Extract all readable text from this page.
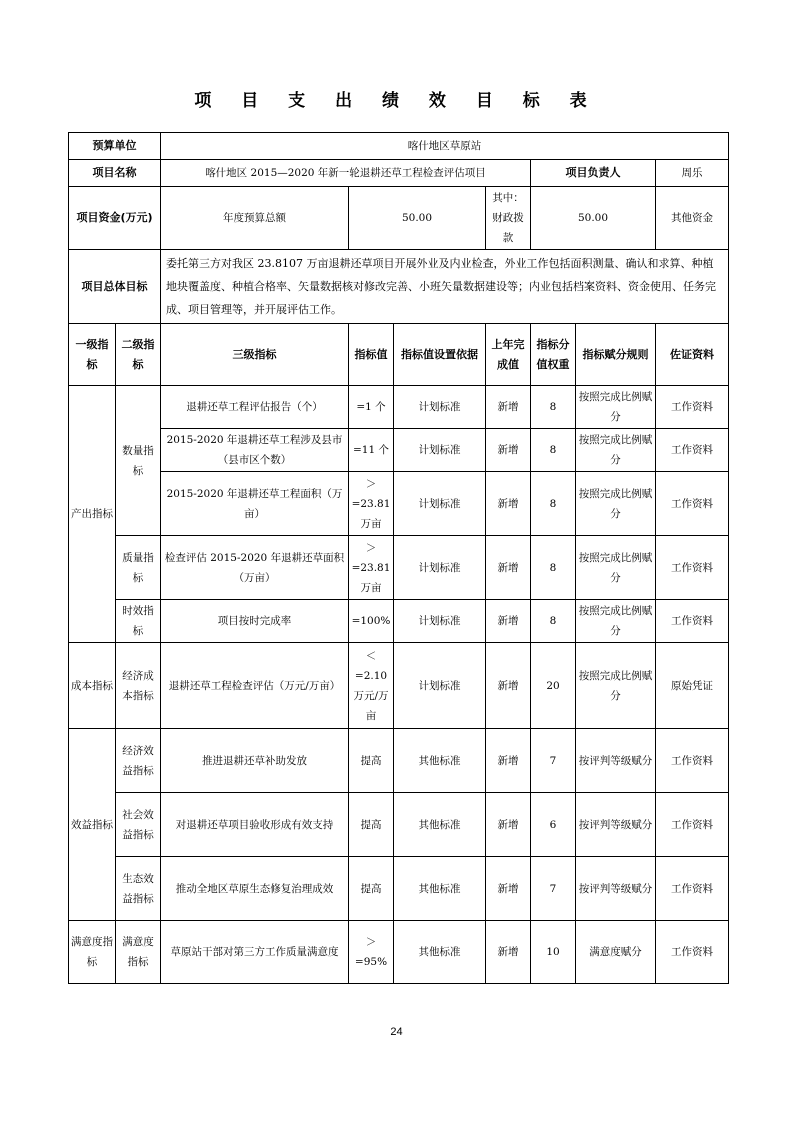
项 目 支 出 绩 效 目 标 表
预算单位		喀什地区草原站							
项目名称		喀什地区 2015—2020 年新一轮退耕还草工程检查评估项目				项目负责人		周乐	
项目资金(万元)		年度预算总额	50.00		其中：财政拨款	50.00		其他资金	
项目总体目标		委托第三方对我区 23.8107 万亩退耕还草项目开展外业及内业检查，外业工作包括面积测量、确认和求算、种植地块覆盖度、种植合格率、矢量数据核对修改完善、小班矢量数据建设等；内业包括档案资料、资金使用、任务完成、项目管理等，并开展评估工作。							
一级指标	二级指标	三级指标	指标值	指标值设置依据	上年完成值	指标分值权重	指标赋分规则	佐证资料	
产出指标	数量指标	退耕还草工程评估报告（个）	=1 个	计划标准	新增	8	按照完成比例赋分	工作资料	
		2015-2020 年退耕还草工程涉及县市（县市区个数）	=11 个	计划标准	新增	8	按照完成比例赋分	工作资料	
		2015-2020 年退耕还草工程面积（万亩）	＞=23.81 万亩	计划标准	新增	8	按照完成比例赋分	工作资料	
	质量指标	检查评估 2015-2020 年退耕还草面积（万亩）	＞=23.81 万亩	计划标准	新增	8	按照完成比例赋分	工作资料	
	时效指标	项目按时完成率	=100%	计划标准	新增	8	按照完成比例赋分	工作资料	
成本指标	经济成本指标	退耕还草工程检查评估（万元/万亩）	＜=2.10 万元/万亩	计划标准	新增	20	按照完成比例赋分	原始凭证	
效益指标	经济效益指标	推进退耕还草补助发放	提高	其他标准	新增	7	按评判等级赋分	工作资料	
	社会效益指标	对退耕还草项目验收形成有效支持	提高	其他标准	新增	6	按评判等级赋分	工作资料	
	生态效益指标	推动全地区草原生态修复治理成效	提高	其他标准	新增	7	按评判等级赋分	工作资料	
满意度指标	满意度指标	草原站干部对第三方工作质量满意度	＞=95%	其他标准	新增	10	满意度赋分	工作资料	
24
